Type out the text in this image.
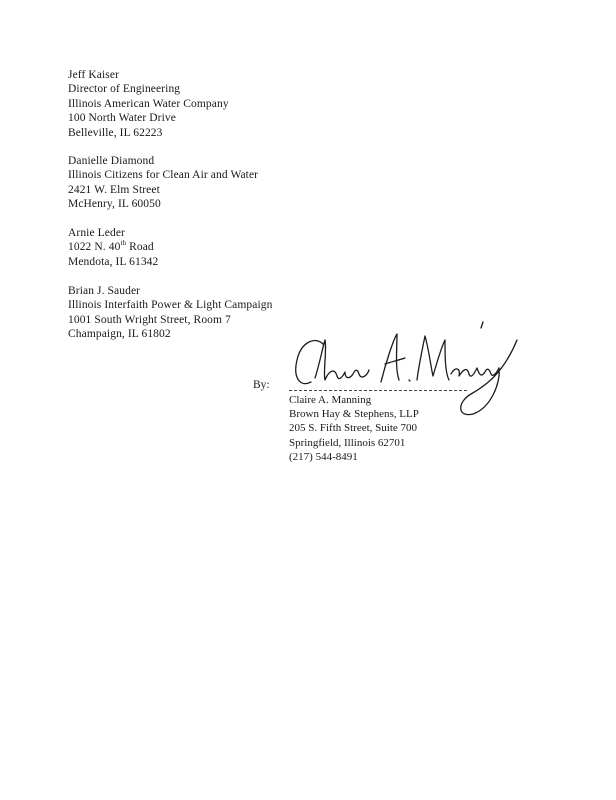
Jeff Kaiser
Director of Engineering
Illinois American Water Company
100 North Water Drive
Belleville, IL 62223
Danielle Diamond
Illinois Citizens for Clean Air and Water
2421 W. Elm Street
McHenry, IL 60050
Arnie Leder
1022 N. 40th Road
Mendota, IL 61342
Brian J. Sauder
Illinois Interfaith Power & Light Campaign
1001 South Wright Street, Room 7
Champaign, IL 61802
By:
Claire A. Manning
Brown Hay & Stephens, LLP
205 S. Fifth Street, Suite 700
Springfield, Illinois 62701
(217) 544-8491
